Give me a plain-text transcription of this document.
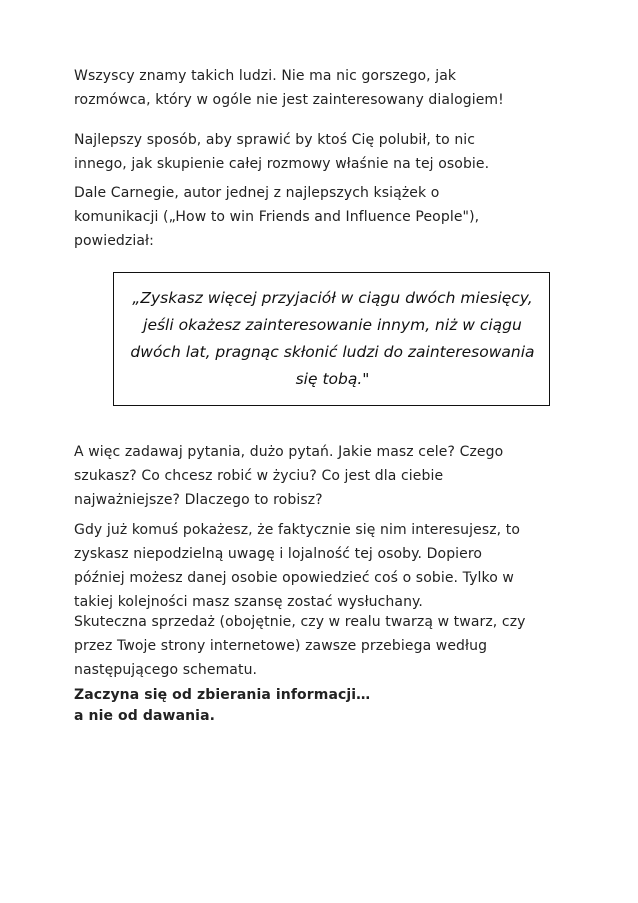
Wszyscy znamy takich ludzi. Nie ma nic gorszego, jak
rozmówca, który w ogóle nie jest zainteresowany dialogiem!

Najlepszy sposób, aby sprawić by ktoś Cię polubił, to nic
innego, jak skupienie całej rozmowy właśnie na tej osobie.

Dale Carnegie, autor jednej z najlepszych książek o
komunikacji („How to win Friends and Influence People"),
powiedział:

„Zyskasz więcej przyjaciół w ciągu dwóch miesięcy,
jeśli okażesz zainteresowanie innym, niż w ciągu
dwóch lat, pragnąc skłonić ludzi do zainteresowania
się tobą."

A więc zadawaj pytania, dużo pytań. Jakie masz cele? Czego
szukasz? Co chcesz robić w życiu? Co jest dla ciebie
najważniejsze? Dlaczego to robisz?

Gdy już komuś pokażesz, że faktycznie się nim interesujesz, to
zyskasz niepodzielną uwagę i lojalność tej osoby. Dopiero
później możesz danej osobie opowiedzieć coś o sobie. Tylko w
takiej kolejności masz szansę zostać wysłuchany.

Skuteczna sprzedaż (obojętnie, czy w realu twarzą w twarz, czy
przez Twoje strony internetowe) zawsze przebiega według
następującego schematu.

Zaczyna się od zbierania informacji…
a nie od dawania.
